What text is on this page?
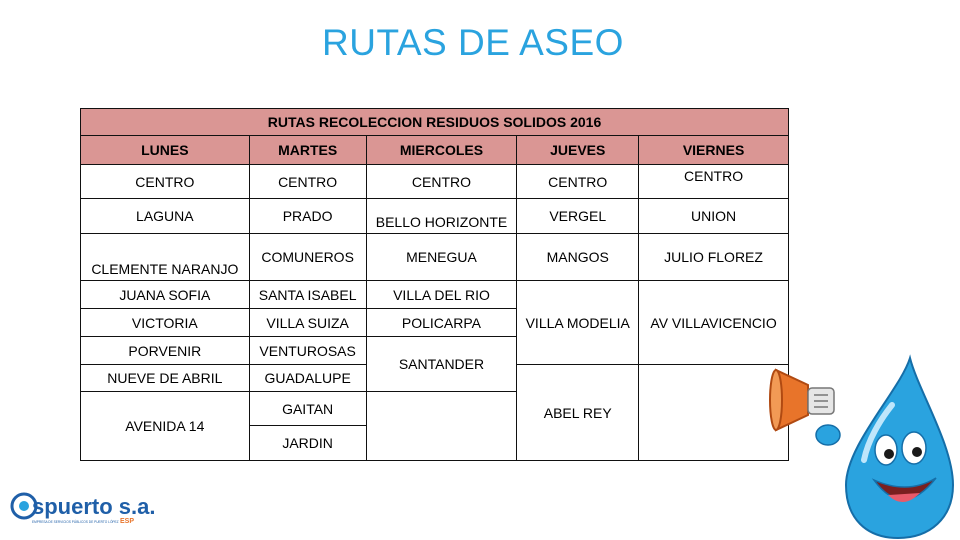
RUTAS DE ASEO
RUTAS RECOLECCION RESIDUOS SOLIDOS 2016				
LUNES	MARTES	MIERCOLES	JUEVES	VIERNES
CENTRO	CENTRO	CENTRO	CENTRO	CENTRO
LAGUNA	PRADO	BELLO HORIZONTE	VERGEL	UNION
CLEMENTE NARANJO	COMUNEROS	MENEGUA	MANGOS	JULIO FLOREZ
JUANA SOFIA	SANTA ISABEL	VILLA DEL RIO	VILLA MODELIA	AV VILLAVICENCIO
VICTORIA	VILLA SUIZA	POLICARPA		
PORVENIR	VENTUROSAS	SANTANDER		
NUEVE DE ABRIL	GUADALUPE		ABEL REY	
AVENIDA 14	GAITAN			
	JARDIN			
spuerto s.a.
EMPRESA DE SERVICIOS PÚBLICOS DE PUERTO LÓPEZ ESP
